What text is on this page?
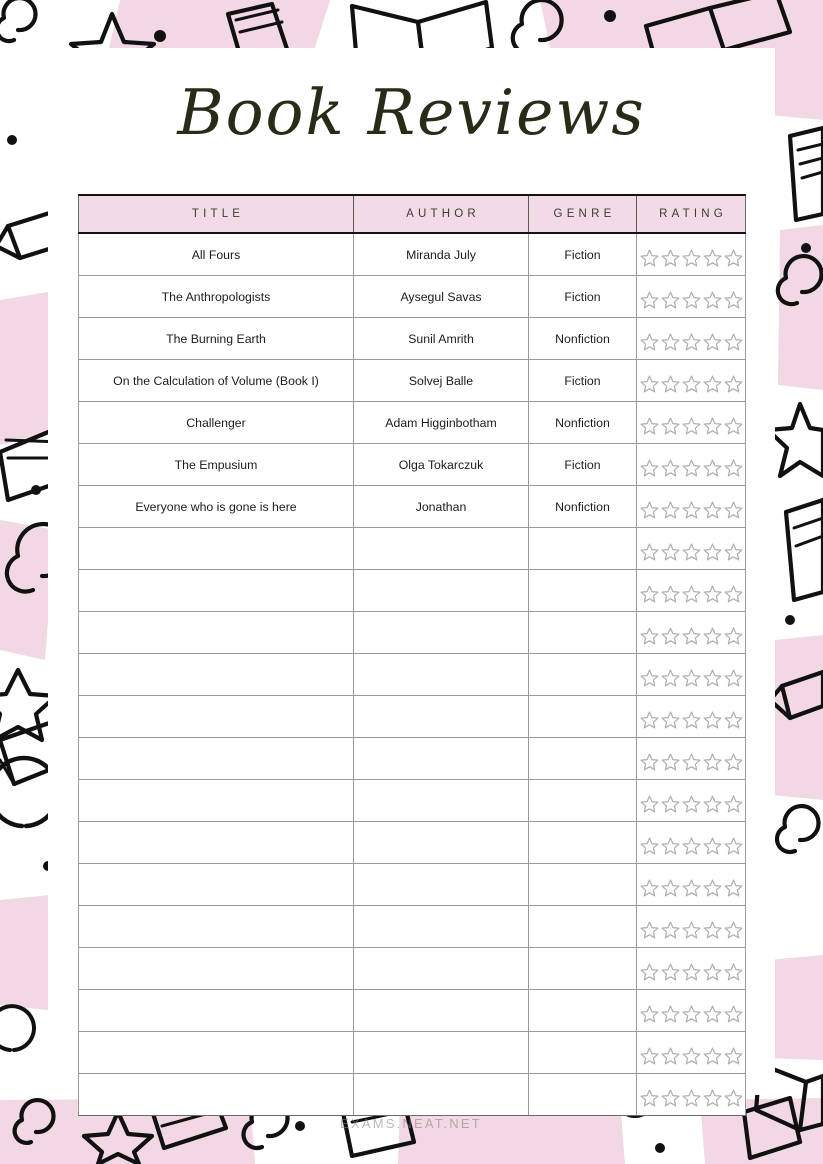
EXAMS.NEAT.NET
Book Reviews
TITLE	AUTHOR	GENRE	RATING
All Fours	Miranda July	Fiction	

The Anthropologists	Aysegul Savas	Fiction	

The Burning Earth	Sunil Amrith	Nonfiction	

On the Calculation of Volume (Book I)	Solvej Balle	Fiction	

Challenger	Adam Higginbotham	Nonfiction	

The Empusium	Olga Tokarczuk	Fiction	

Everyone who is gone is here	Jonathan	Nonfiction	
